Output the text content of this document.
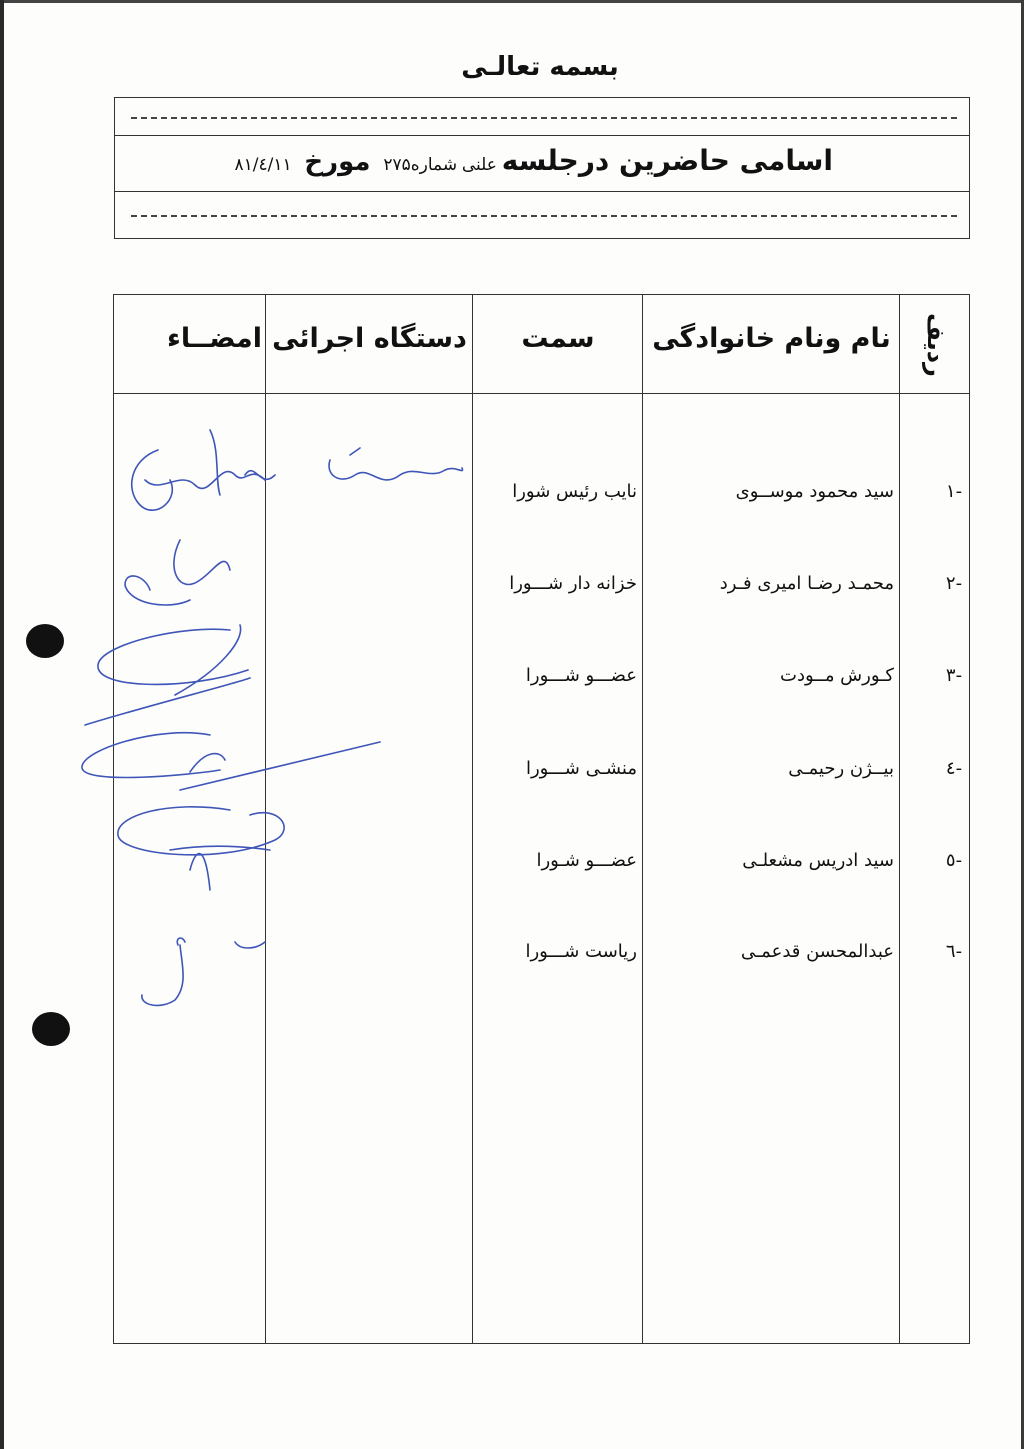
بسمه تعالـی
اسامی حاضرین درجلسه علنی شماره۲۷۵ مورخ ۸۱/٤/۱۱
ردیف
نام ونام خانوادگی
سمت
دستگاه اجرائی
امضــاء
-۱
سید محمود موســوی
نایب رئیس شورا
-۲
محمـد رضـا امیری فـرد
خزانه دار شـــورا
-۳
کـورش مــودت
عضـــو شـــورا
-٤
بیــژن رحیمـی
منشـی شـــورا
-٥
سید ادریس مشعلـی
عضـــو شـورا
-٦
عبدالمحسن قدعمـی
ریاست شـــورا
